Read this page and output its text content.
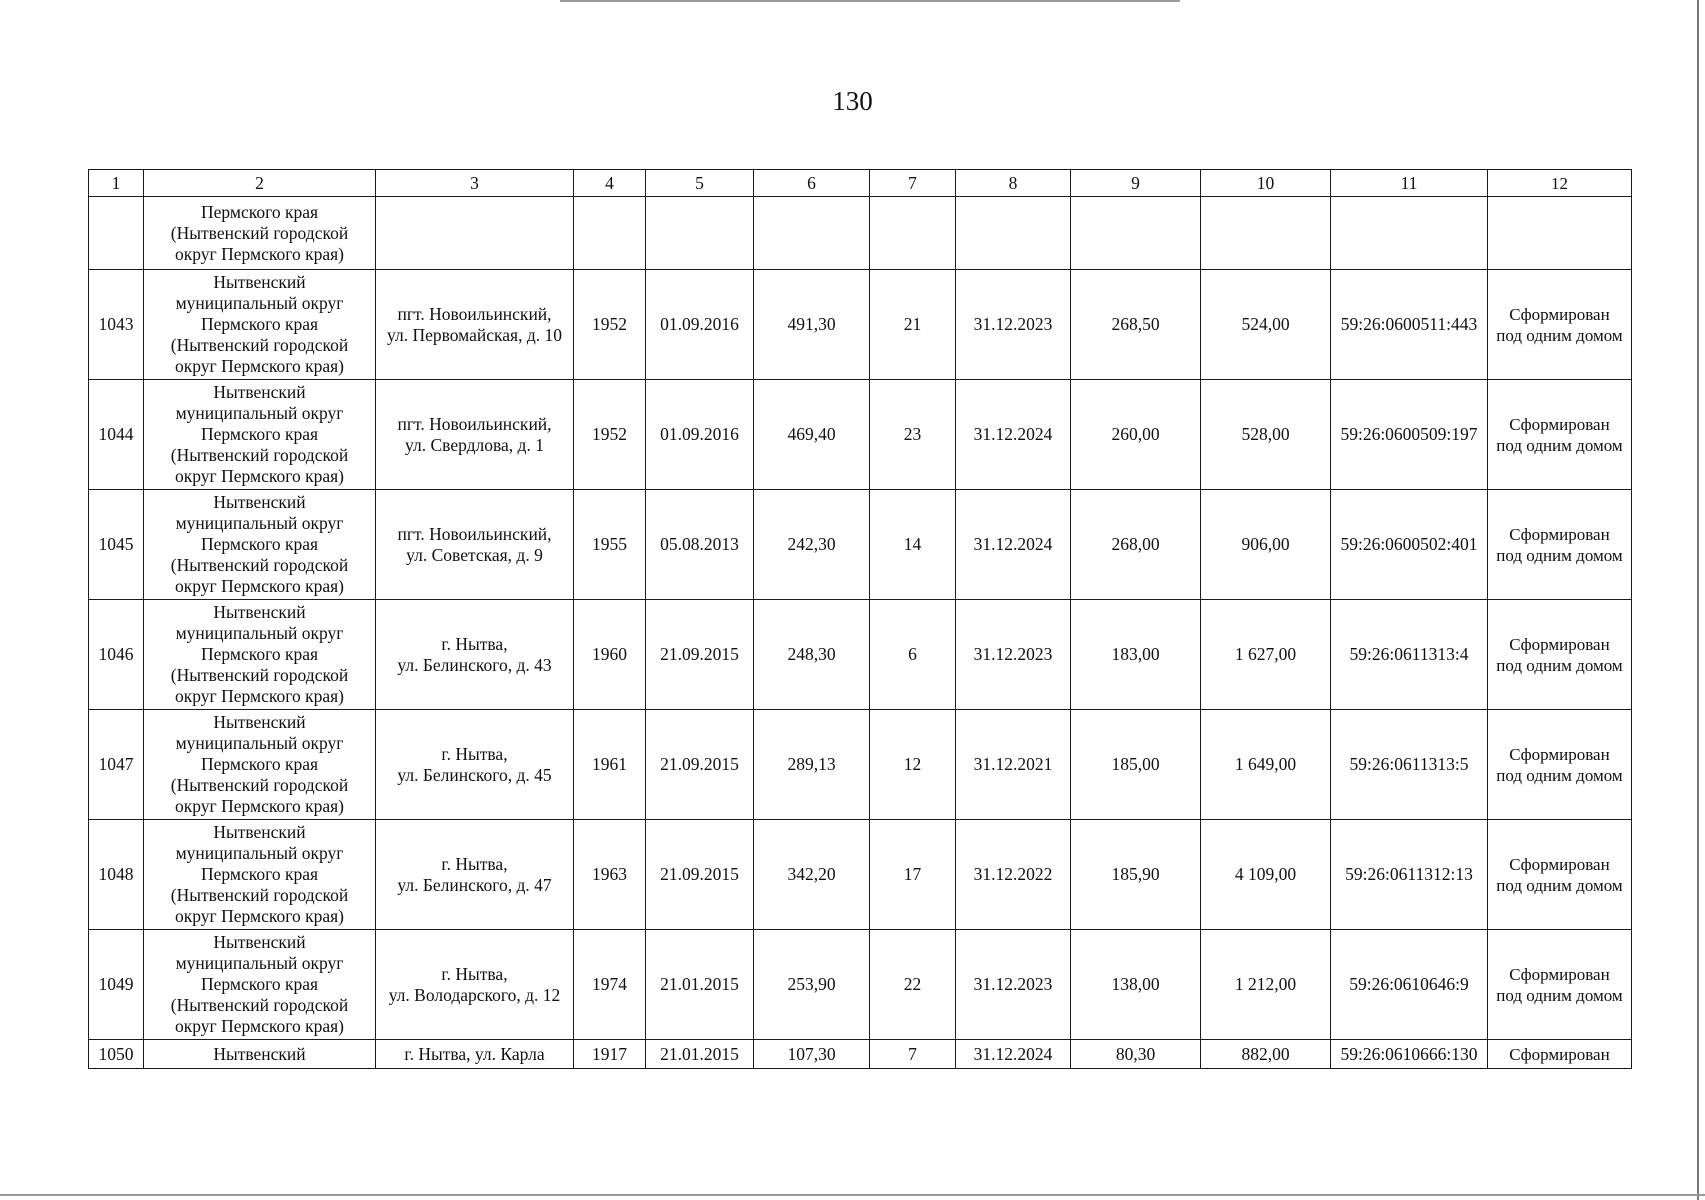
130
1	2	3	4	5	6	7	8	9	10	11	12
	Пермского края
(Нытвенский городской
округ Пермского края)										
1043	Нытвенский
муниципальный округ
Пермского края
(Нытвенский городской
округ Пермского края)	пгт. Новоильинский,
ул. Первомайская, д. 10	1952	01.09.2016	491,30	21	31.12.2023	268,50	524,00	59:26:0600511:443	Сформирован
под одним домом
1044	Нытвенский
муниципальный округ
Пермского края
(Нытвенский городской
округ Пермского края)	пгт. Новоильинский,
ул. Свердлова, д. 1	1952	01.09.2016	469,40	23	31.12.2024	260,00	528,00	59:26:0600509:197	Сформирован
под одним домом
1045	Нытвенский
муниципальный округ
Пермского края
(Нытвенский городской
округ Пермского края)	пгт. Новоильинский,
ул. Советская, д. 9	1955	05.08.2013	242,30	14	31.12.2024	268,00	906,00	59:26:0600502:401	Сформирован
под одним домом
1046	Нытвенский
муниципальный округ
Пермского края
(Нытвенский городской
округ Пермского края)	г. Нытва,
ул. Белинского, д. 43	1960	21.09.2015	248,30	6	31.12.2023	183,00	1 627,00	59:26:0611313:4	Сформирован
под одним домом
1047	Нытвенский
муниципальный округ
Пермского края
(Нытвенский городской
округ Пермского края)	г. Нытва,
ул. Белинского, д. 45	1961	21.09.2015	289,13	12	31.12.2021	185,00	1 649,00	59:26:0611313:5	Сформирован
под одним домом
1048	Нытвенский
муниципальный округ
Пермского края
(Нытвенский городской
округ Пермского края)	г. Нытва,
ул. Белинского, д. 47	1963	21.09.2015	342,20	17	31.12.2022	185,90	4 109,00	59:26:0611312:13	Сформирован
под одним домом
1049	Нытвенский
муниципальный округ
Пермского края
(Нытвенский городской
округ Пермского края)	г. Нытва,
ул. Володарского, д. 12	1974	21.01.2015	253,90	22	31.12.2023	138,00	1 212,00	59:26:0610646:9	Сформирован
под одним домом
1050	Нытвенский	г. Нытва, ул. Карла	1917	21.01.2015	107,30	7	31.12.2024	80,30	882,00	59:26:0610666:130	Сформирован
